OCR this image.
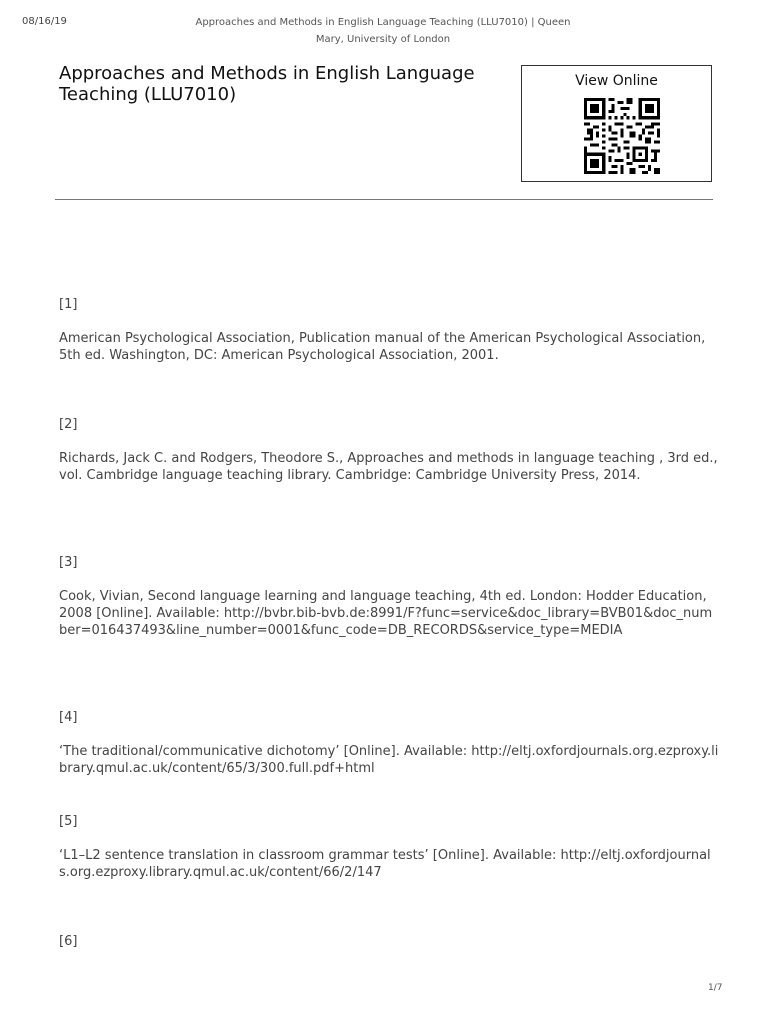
08/16/19	Approaches and Methods in English Language Teaching (LLU7010) | Queen Mary, University of London
Approaches and Methods in English Language Teaching (LLU7010)
View Online
[1]
American Psychological Association, Publication manual of the American Psychological Association, 5th ed. Washington, DC: American Psychological Association, 2001.
[2]
Richards, Jack C. and Rodgers, Theodore S., Approaches and methods in language teaching , 3rd ed., vol. Cambridge language teaching library. Cambridge: Cambridge University Press, 2014.
[3]
Cook, Vivian, Second language learning and language teaching, 4th ed. London: Hodder Education, 2008 [Online]. Available: http://bvbr.bib-bvb.de:8991/F?func=service&doc_library=BVB01&doc_number=016437493&line_number=0001&func_code=DB_RECORDS&service_type=MEDIA
[4]
‘The traditional/communicative dichotomy’ [Online]. Available: http://eltj.oxfordjournals.org.ezproxy.library.qmul.ac.uk/content/65/3/300.full.pdf+html
[5]
‘L1–L2 sentence translation in classroom grammar tests’ [Online]. Available: http://eltj.oxfordjournals.org.ezproxy.library.qmul.ac.uk/content/66/2/147
[6]
1/7
